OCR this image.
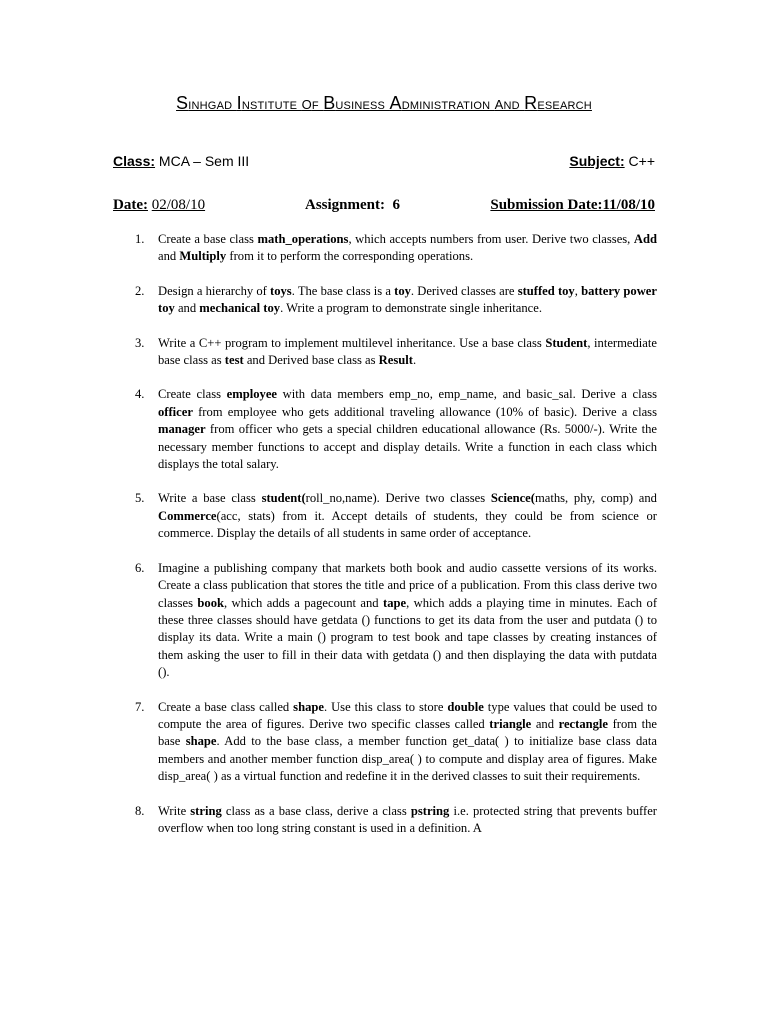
Sinhgad Institute of Business Administration and Research
Class: MCA – Sem III	Subject: C++
Date: 02/08/10	Assignment: 6	Submission Date:11/08/10
1. Create a base class math_operations, which accepts numbers from user. Derive two classes, Add and Multiply from it to perform the corresponding operations.
2. Design a hierarchy of toys. The base class is a toy. Derived classes are stuffed toy, battery power toy and mechanical toy. Write a program to demonstrate single inheritance.
3. Write a C++ program to implement multilevel inheritance. Use a base class Student, intermediate base class as test and Derived base class as Result.
4. Create class employee with data members emp_no, emp_name, and basic_sal. Derive a class officer from employee who gets additional traveling allowance (10% of basic). Derive a class manager from officer who gets a special children educational allowance (Rs. 5000/-). Write the necessary member functions to accept and display details. Write a function in each class which displays the total salary.
5. Write a base class student(roll_no,name). Derive two classes Science(maths, phy, comp) and Commerce(acc, stats) from it. Accept details of students, they could be from science or commerce. Display the details of all students in same order of acceptance.
6. Imagine a publishing company that markets both book and audio cassette versions of its works. Create a class publication that stores the title and price of a publication. From this class derive two classes book, which adds a pagecount and tape, which adds a playing time in minutes. Each of these three classes should have getdata () functions to get its data from the user and putdata () to display its data. Write a main () program to test book and tape classes by creating instances of them asking the user to fill in their data with getdata () and then displaying the data with putdata ().
7. Create a base class called shape. Use this class to store double type values that could be used to compute the area of figures. Derive two specific classes called triangle and rectangle from the base shape. Add to the base class, a member function get_data( ) to initialize base class data members and another member function disp_area( ) to compute and display area of figures. Make disp_area( ) as a virtual function and redefine it in the derived classes to suit their requirements.
8. Write string class as a base class, derive a class pstring i.e. protected string that prevents buffer overflow when too long string constant is used in a definition. A
